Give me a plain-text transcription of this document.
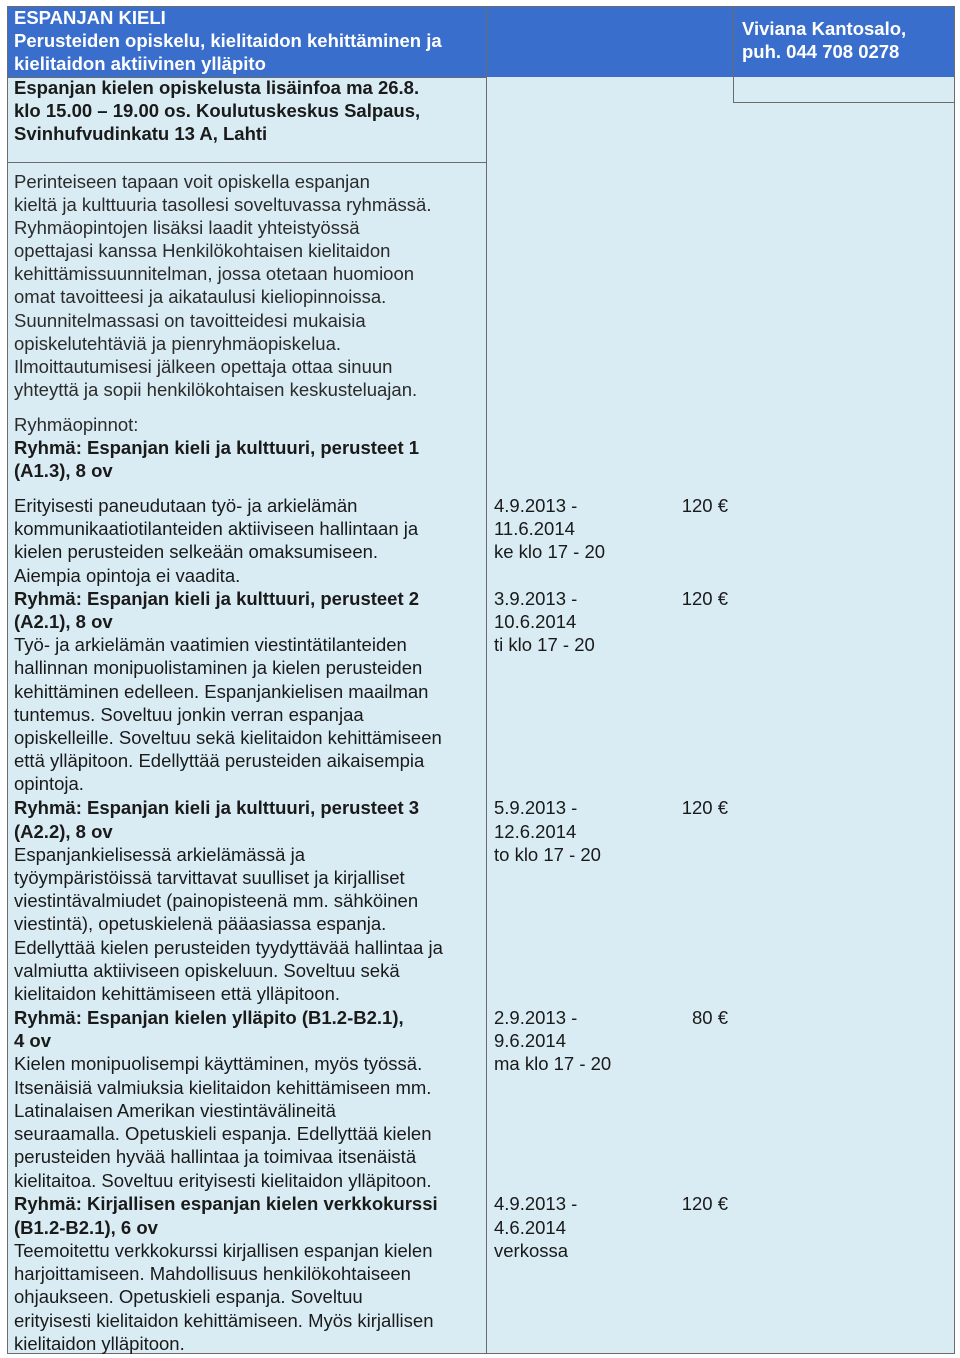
ESPANJAN KIELI
Perusteiden opiskelu, kielitaidon kehittäminen ja
kielitaidon aktiivinen ylläpito
Viviana Kantosalo,
puh. 044 708 0278
Espanjan kielen opiskelusta lisäinfoa ma 26.8.
klo 15.00 – 19.00 os. Koulutuskeskus Salpaus,
Svinhufvudinkatu 13 A, Lahti
Perinteiseen tapaan voit opiskella espanjan
kieltä ja kulttuuria tasollesi soveltuvassa ryhmässä.
Ryhmäopintojen lisäksi laadit yhteistyössä
opettajasi kanssa Henkilökohtaisen kielitaidon
kehittämissuunnitelman, jossa otetaan huomioon
omat tavoitteesi ja aikataulusi kieliopinnoissa.
Suunnitelmassasi on tavoitteidesi mukaisia
opiskelutehtäviä ja pienryhmäopiskelua.
Ilmoittautumisesi jälkeen opettaja ottaa sinuun
yhteyttä ja sopii henkilökohtaisen keskusteluajan.
Ryhmäopinnot:
Ryhmä: Espanjan kieli ja kulttuuri, perusteet 1
(A1.3), 8 ov
Erityisesti paneudutaan työ- ja arkielämän
kommunikaatiotilanteiden aktiiviseen hallintaan ja
kielen perusteiden selkeään omaksumiseen.
Aiempia opintoja ei vaadita.
4.9.2013 -
11.6.2014
ke klo 17 - 20
120 €
Ryhmä: Espanjan kieli ja kulttuuri, perusteet 2
(A2.1), 8 ov
Työ- ja arkielämän vaatimien viestintätilanteiden
hallinnan monipuolistaminen ja kielen perusteiden
kehittäminen edelleen. Espanjankielisen maailman
tuntemus. Soveltuu jonkin verran espanjaa
opiskelleille. Soveltuu sekä kielitaidon kehittämiseen
että ylläpitoon. Edellyttää perusteiden aikaisempia
opintoja.
3.9.2013 -
10.6.2014
ti klo 17 - 20
120 €
Ryhmä: Espanjan kieli ja kulttuuri, perusteet 3
(A2.2), 8 ov
Espanjankielisessä arkielämässä ja
työympäristöissä tarvittavat suulliset ja kirjalliset
viestintävalmiudet (painopisteenä mm. sähköinen
viestintä), opetuskielenä pääasiassa espanja.
Edellyttää kielen perusteiden tyydyttävää hallintaa ja
valmiutta aktiiviseen opiskeluun. Soveltuu sekä
kielitaidon kehittämiseen että ylläpitoon.
5.9.2013 -
12.6.2014
to klo 17 - 20
120 €
Ryhmä: Espanjan kielen ylläpito (B1.2-B2.1),
4 ov
Kielen monipuolisempi käyttäminen, myös työssä.
Itsenäisiä valmiuksia kielitaidon kehittämiseen mm.
Latinalaisen Amerikan viestintävälineitä
seuraamalla. Opetuskieli espanja. Edellyttää kielen
perusteiden hyvää hallintaa ja toimivaa itsenäistä
kielitaitoa. Soveltuu erityisesti kielitaidon ylläpitoon.
2.9.2013 -
9.6.2014
ma klo 17 - 20
80 €
Ryhmä: Kirjallisen espanjan kielen verkkokurssi
(B1.2-B2.1), 6 ov
Teemoitettu verkkokurssi kirjallisen espanjan kielen
harjoittamiseen. Mahdollisuus henkilökohtaiseen
ohjaukseen. Opetuskieli espanja. Soveltuu
erityisesti kielitaidon kehittämiseen. Myös kirjallisen
kielitaidon ylläpitoon.
4.9.2013 -
4.6.2014
verkossa
120 €
